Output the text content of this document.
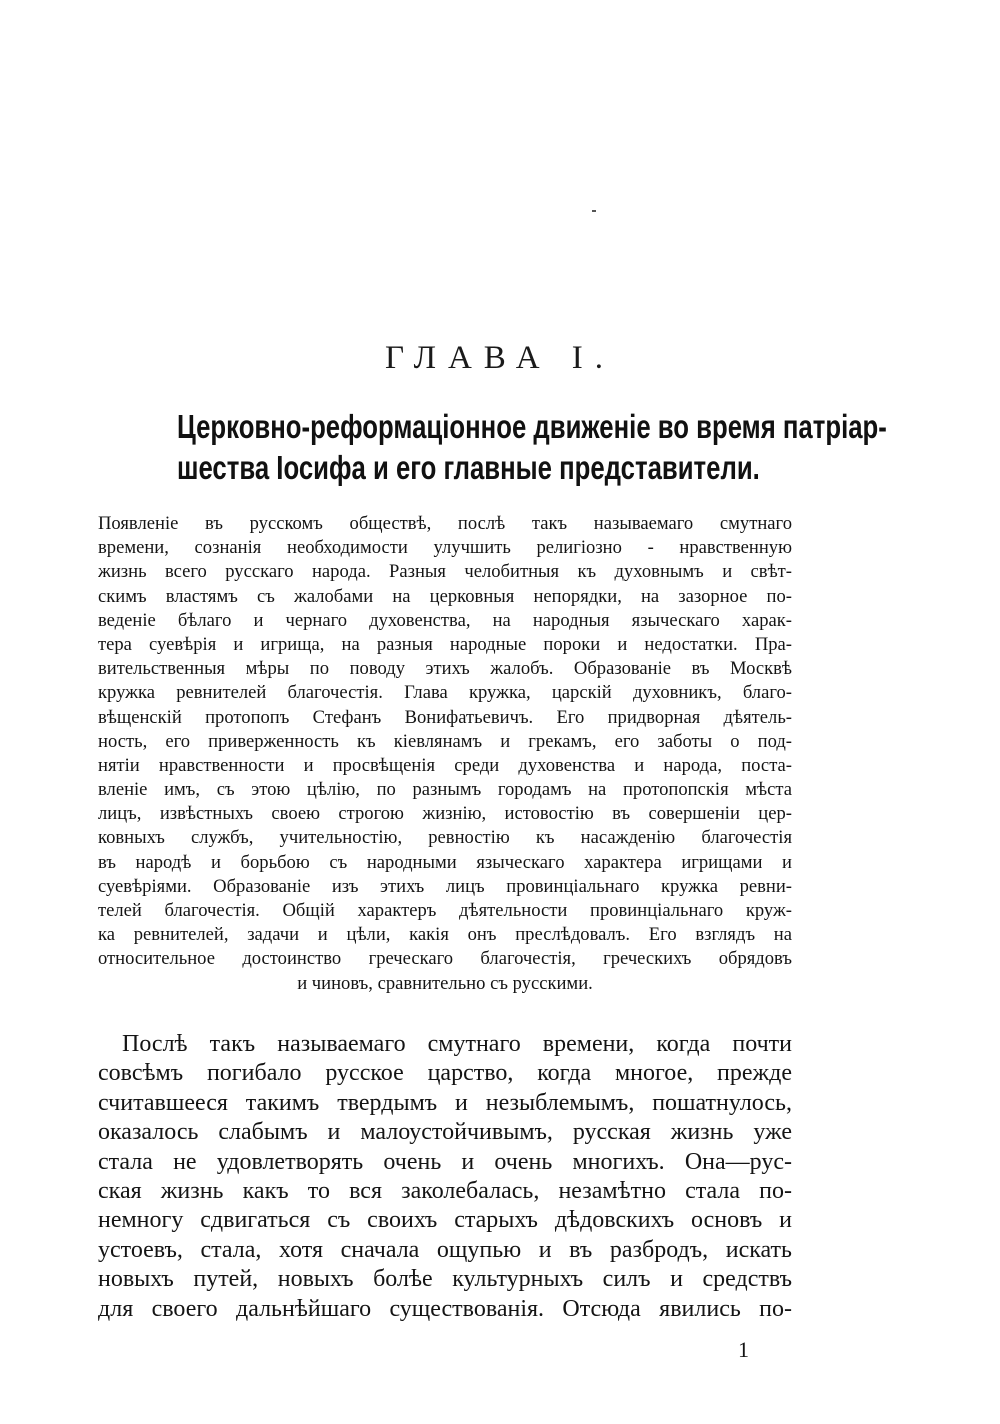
ГЛАВА I.
Церковно-реформаціонное движеніе во время патріар-
шества Іосифа и его главные представители.
Появленіе въ русскомъ обществѣ, послѣ такъ называемаго смутнаго
времени, сознанія необходимости улучшить религіозно - нравственную
жизнь всего русскаго народа. Разныя челобитныя къ духовнымъ и свѣт-
скимъ властямъ съ жалобами на церковныя непорядки, на зазорное по-
веденіе бѣлаго и чернаго духовенства, на народныя языческаго харак-
тера суевѣрія и игрища, на разныя народные пороки и недостатки. Пра-
вительственныя мѣры по поводу этихъ жалобъ. Образованіе въ Москвѣ
кружка ревнителей благочестія. Глава кружка, царскій духовникъ, благо-
вѣщенскій протопопъ Стефанъ Вонифатьевичъ. Его придворная дѣятель-
ность, его приверженность къ кіевлянамъ и грекамъ, его заботы о под-
нятіи нравственности и просвѣщенія среди духовенства и народа, поста-
вленіе имъ, съ этою цѣлію, по разнымъ городамъ на протопопскія мѣста
лицъ, извѣстныхъ своею строгою жизнію, истовостію въ совершеніи цер-
ковныхъ службъ, учительностію, ревностію къ насажденію благочестія
въ народѣ и борьбою съ народными языческаго характера игрищами и
суевѣріями. Образованіе изъ этихъ лицъ провинціальнаго кружка ревни-
телей благочестія. Общій характеръ дѣятельности провинціальнаго круж-
ка ревнителей, задачи и цѣли, какія онъ преслѣдовалъ. Его взглядъ на
относительное достоинство греческаго благочестія, греческихъ обрядовъ
и чиновъ, сравнительно съ русскими.
Послѣ такъ называемаго смутнаго времени, когда почти
совсѣмъ погибало русское царство, когда многое, прежде
считавшееся такимъ твердымъ и незыблемымъ, пошатнулось,
оказалось слабымъ и малоустойчивымъ, русская жизнь уже
стала не удовлетворять очень и очень многихъ. Она—рус-
ская жизнь какъ то вся заколебалась, незамѣтно стала по-
немногу сдвигаться съ своихъ старыхъ дѣдовскихъ основъ и
устоевъ, стала, хотя сначала ощупью и въ разбродъ, искать
новыхъ путей, новыхъ болѣе культурныхъ силъ и средствъ
для своего дальнѣйшаго существованія. Отсюда явились по-
1
